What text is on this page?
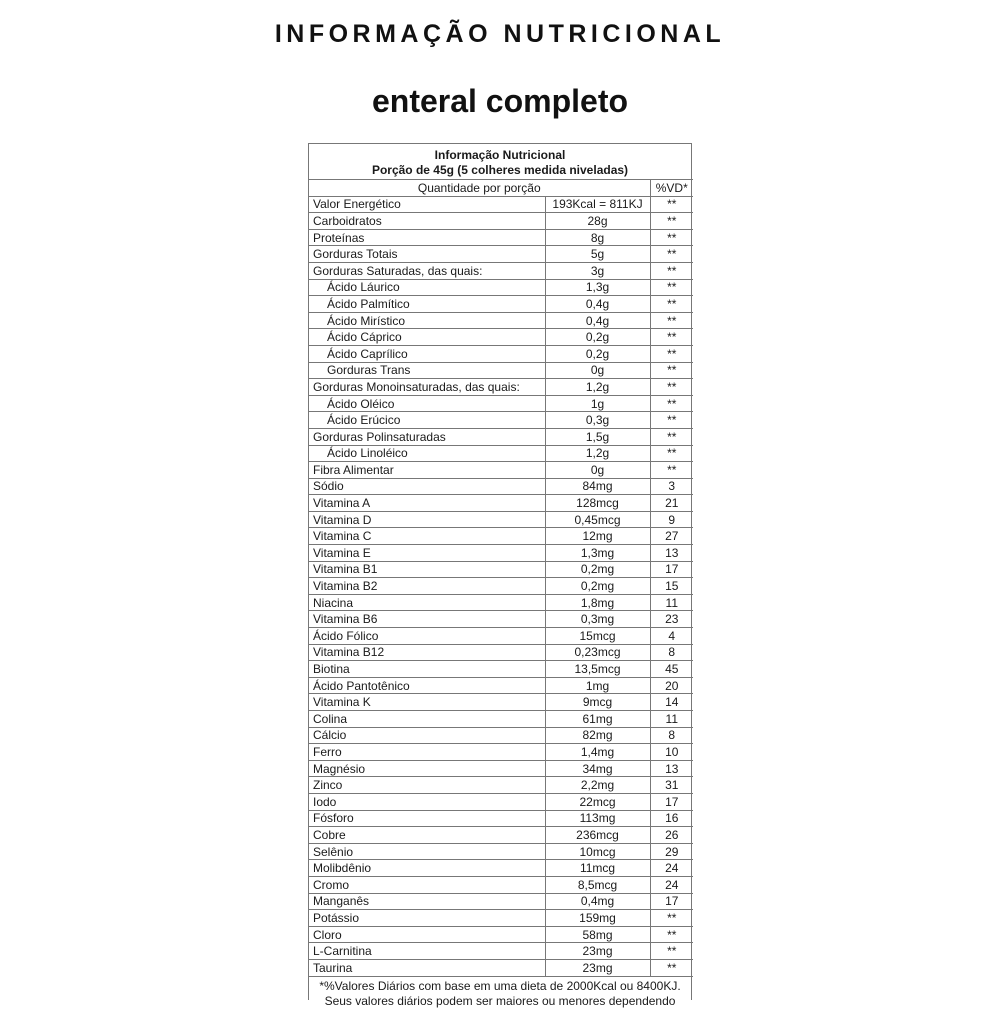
INFORMAÇÃO NUTRICIONAL
enteral completo
Informação Nutricional
Porção de 45g (5 colheres medida niveladas)
Quantidade por porção		%VD*
Valor Energético	193Kcal = 811KJ	**
Carboidratos	28g	**
Proteínas	8g	**
Gorduras Totais	5g	**
Gorduras Saturadas, das quais:	3g	**
Ácido Láurico	1,3g	**
Ácido Palmítico	0,4g	**
Ácido Mirístico	0,4g	**
Ácido Cáprico	0,2g	**
Ácido Caprílico	0,2g	**
Gorduras Trans	0g	**
Gorduras Monoinsaturadas, das quais:	1,2g	**
Ácido Oléico	1g	**
Ácido Erúcico	0,3g	**
Gorduras Polinsaturadas	1,5g	**
Ácido Linoléico	1,2g	**
Fibra Alimentar	0g	**
Sódio	84mg	3
Vitamina A	128mcg	21
Vitamina D	0,45mcg	9
Vitamina C	12mg	27
Vitamina E	1,3mg	13
Vitamina B1	0,2mg	17
Vitamina B2	0,2mg	15
Niacina	1,8mg	11
Vitamina B6	0,3mg	23
Ácido Fólico	15mcg	4
Vitamina B12	0,23mcg	8
Biotina	13,5mcg	45
Ácido Pantotênico	1mg	20
Vitamina K	9mcg	14
Colina	61mg	11
Cálcio	82mg	8
Ferro	1,4mg	10
Magnésio	34mg	13
Zinco	2,2mg	31
Iodo	22mcg	17
Fósforo	113mg	16
Cobre	236mcg	26
Selênio	10mcg	29
Molibdênio	11mcg	24
Cromo	8,5mcg	24
Manganês	0,4mg	17
Potássio	159mg	**
Cloro	58mg	**
L-Carnitina	23mg	**
Taurina	23mg	**
*%Valores Diários com base em uma dieta de 2000Kcal ou 8400KJ.
Seus valores diários podem ser maiores ou menores dependendo
